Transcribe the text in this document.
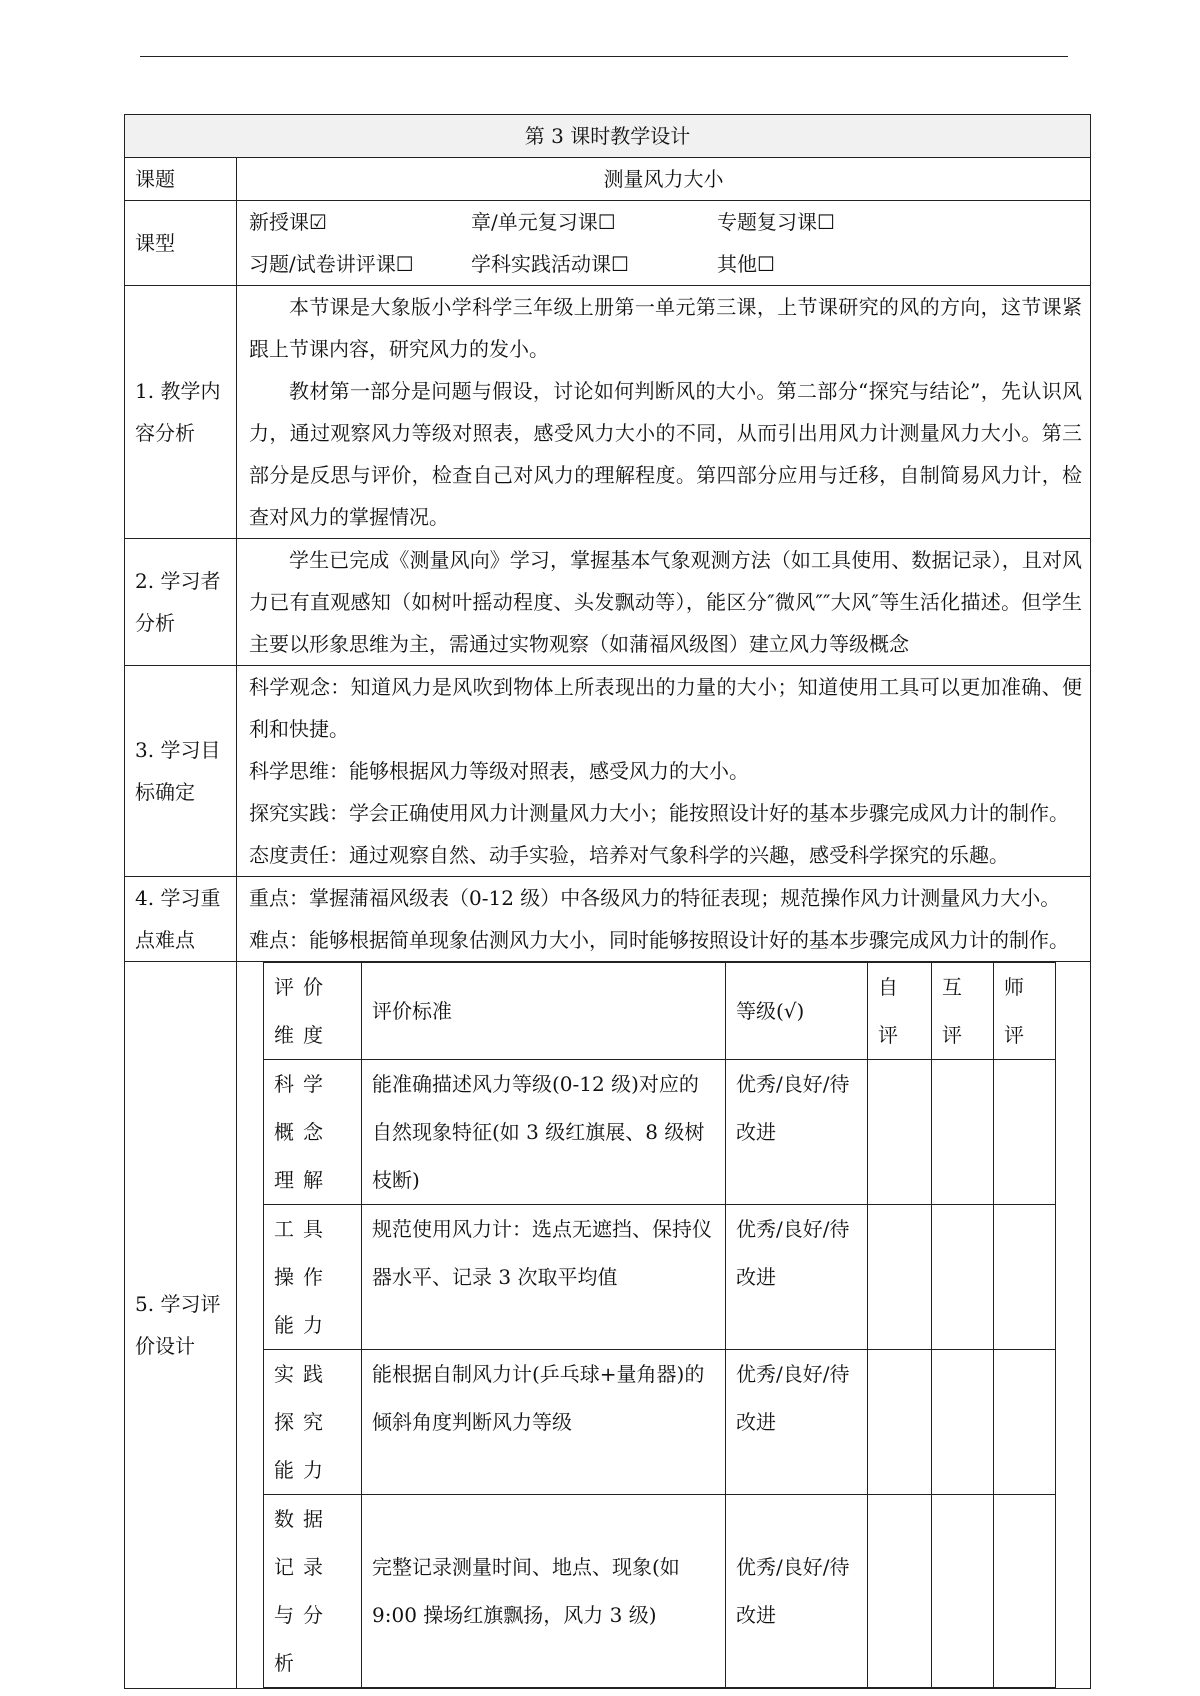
第 3 课时教学设计
课题	测量风力大小
课型	
新授课☑	章/单元复习课☐	专题复习课☐
习题/试卷讲评课☐	学科实践活动课☐	其他☐

1. 教学内容分析	

本节课是大象版小学科学三年级上册第一单元第三课，上节课研究的风的方向，这节课紧跟上节课内容，研究风力的发小。

教材第一部分是问题与假设，讨论如何判断风的大小。第二部分“探究与结论”，先认识风力，通过观察风力等级对照表，感受风力大小的不同，从而引出用风力计测量风力大小。第三部分是反思与评价，检查自己对风力的理解程度。第四部分应用与迁移，自制简易风力计，检查对风力的掌握情况。

2. 学习者分析	

学生已完成《测量风向》学习，掌握基本气象观测方法（如工具使用、数据记录），且对风力已有直观感知（如树叶摇动程度、头发飘动等），能区分″微风″″大风″等生活化描述。但学生主要以形象思维为主，需通过实物观察（如蒲福风级图）建立风力等级概念

3. 学习目标确定	

科学观念：知道风力是风吹到物体上所表现出的力量的大小；知道使用工具可以更加准确、便利和快捷。

科学思维：能够根据风力等级对照表，感受风力的大小。

探究实践：学会正确使用风力计测量风力大小；能按照设计好的基本步骤完成风力计的制作。

态度责任：通过观察自然、动手实验，培养对气象科学的兴趣，感受科学探究的乐趣。

4. 学习重点难点	

重点：掌握蒲福风级表（0-12 级）中各级风力的特征表现；规范操作风力计测量风力大小。

难点：能够根据简单现象估测风力大小，同时能够按照设计好的基本步骤完成风力计的制作。

5. 学习评价设计	
评价维度	评价标准	等级(√)	自评	互评	师评
科学概念理解	能准确描述风力等级(0-12 级)对应的自然现象特征(如 3 级红旗展、8 级树枝断)	优秀/良好/待改进			
工具操作能力	规范使用风力计：选点无遮挡、保持仪器水平、记录 3 次取平均值	优秀/良好/待改进			
实践探究能力	能根据自制风力计(乒乓球+量角器)的倾斜角度判断风力等级	优秀/良好/待改进			
数据记录与分析	完整记录测量时间、地点、现象(如 9:00 操场红旗飘扬，风力 3 级)	优秀/良好/待改进			
